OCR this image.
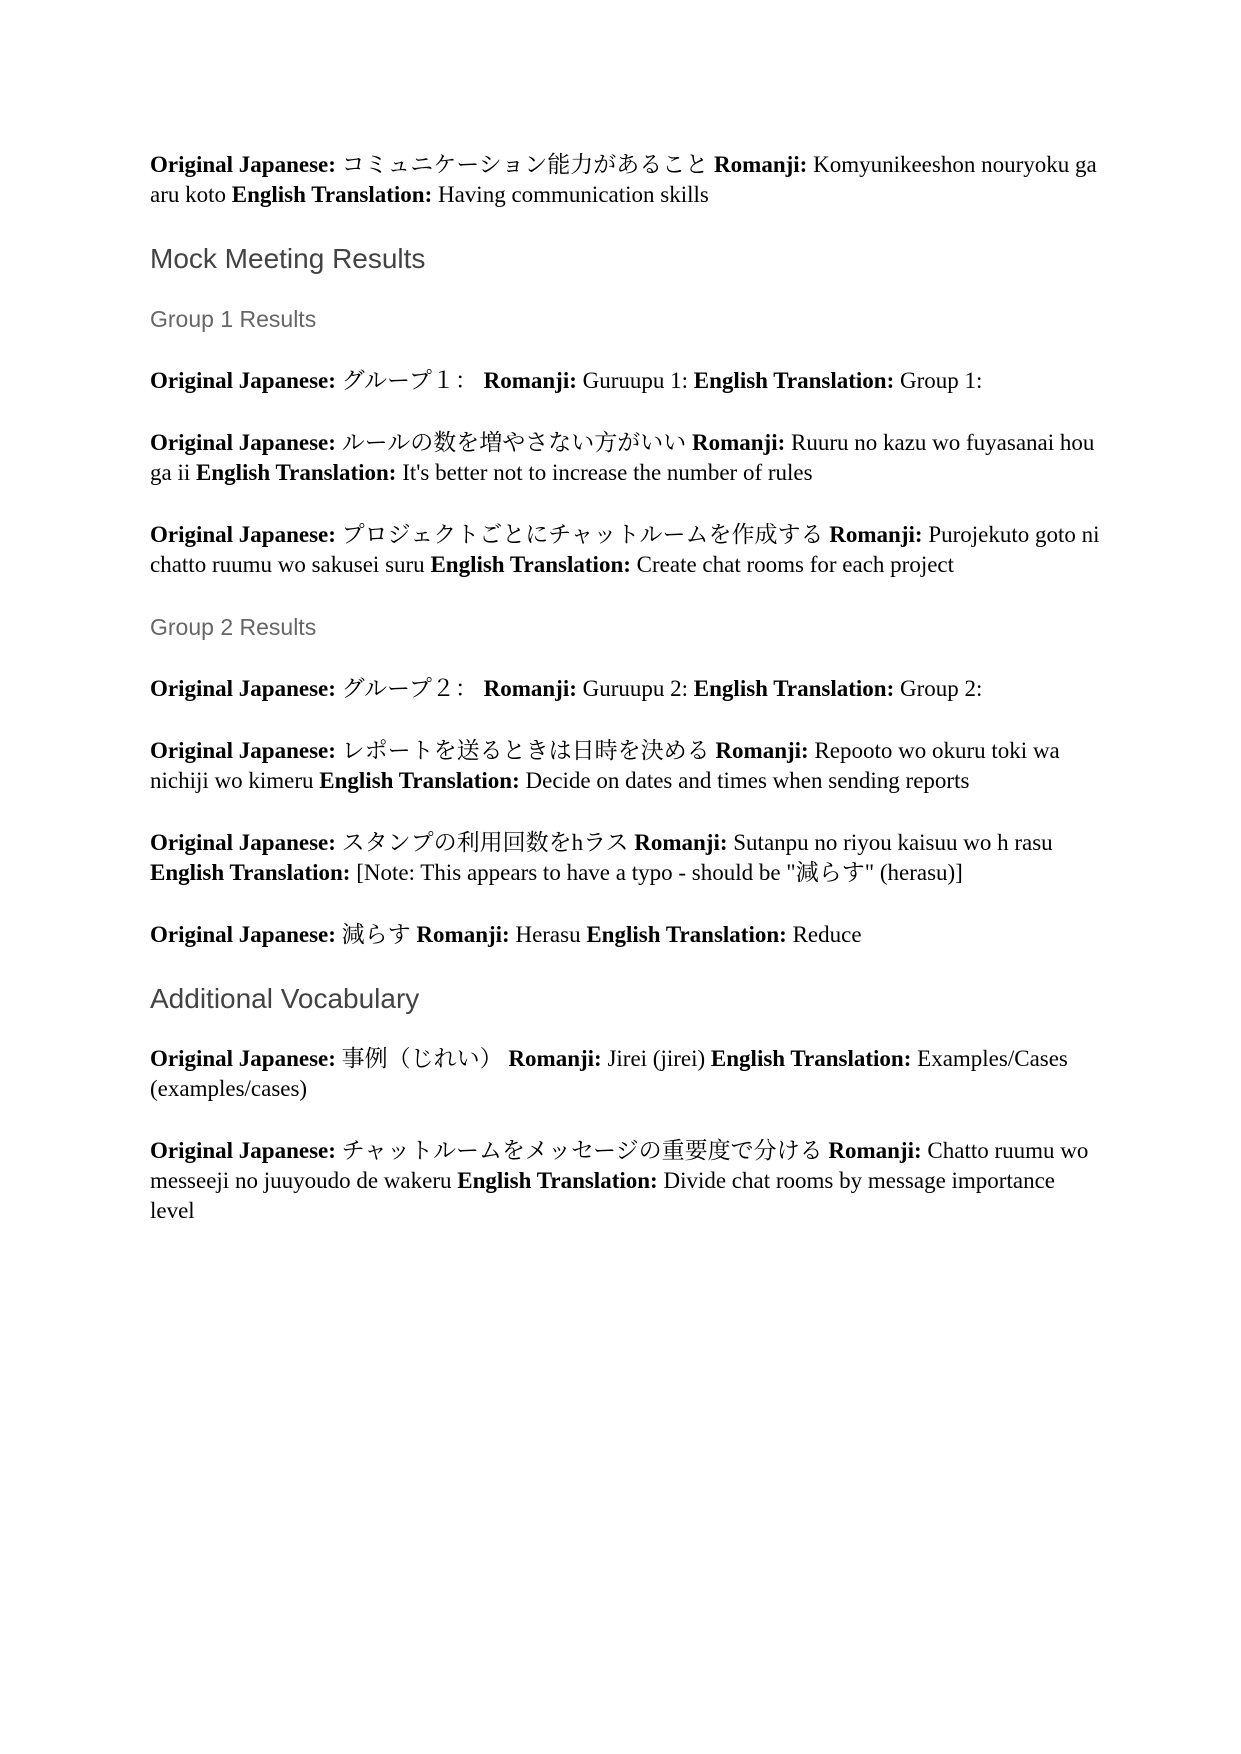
Original Japanese: コミュニケーション能力があること Romanji: Komyunikeeshon nouryoku ga aru koto English Translation: Having communication skills

Mock Meeting Results
Group 1 Results

Original Japanese: グループ１： Romanji: Guruupu 1: English Translation: Group 1:

Original Japanese: ルールの数を増やさない方がいい Romanji: Ruuru no kazu wo fuyasanai hou ga ii English Translation: It's better not to increase the number of rules

Original Japanese: プロジェクトごとにチャットルームを作成する Romanji: Purojekuto goto ni chatto ruumu wo sakusei suru English Translation: Create chat rooms for each project

Group 2 Results

Original Japanese: グループ２： Romanji: Guruupu 2: English Translation: Group 2:

Original Japanese: レポートを送るときは日時を決める Romanji: Repooto wo okuru toki wa nichiji wo kimeru English Translation: Decide on dates and times when sending reports

Original Japanese: スタンプの利用回数をhラス Romanji: Sutanpu no riyou kaisuu wo h rasu English Translation: [Note: This appears to have a typo - should be "減らす" (herasu)]

Original Japanese: 減らす Romanji: Herasu English Translation: Reduce

Additional Vocabulary

Original Japanese: 事例（じれい） Romanji: Jirei (jirei) English Translation: Examples/Cases (examples/cases)

Original Japanese: チャットルームをメッセージの重要度で分ける Romanji: Chatto ruumu wo messeeji no juuyoudo de wakeru English Translation: Divide chat rooms by message importance level
